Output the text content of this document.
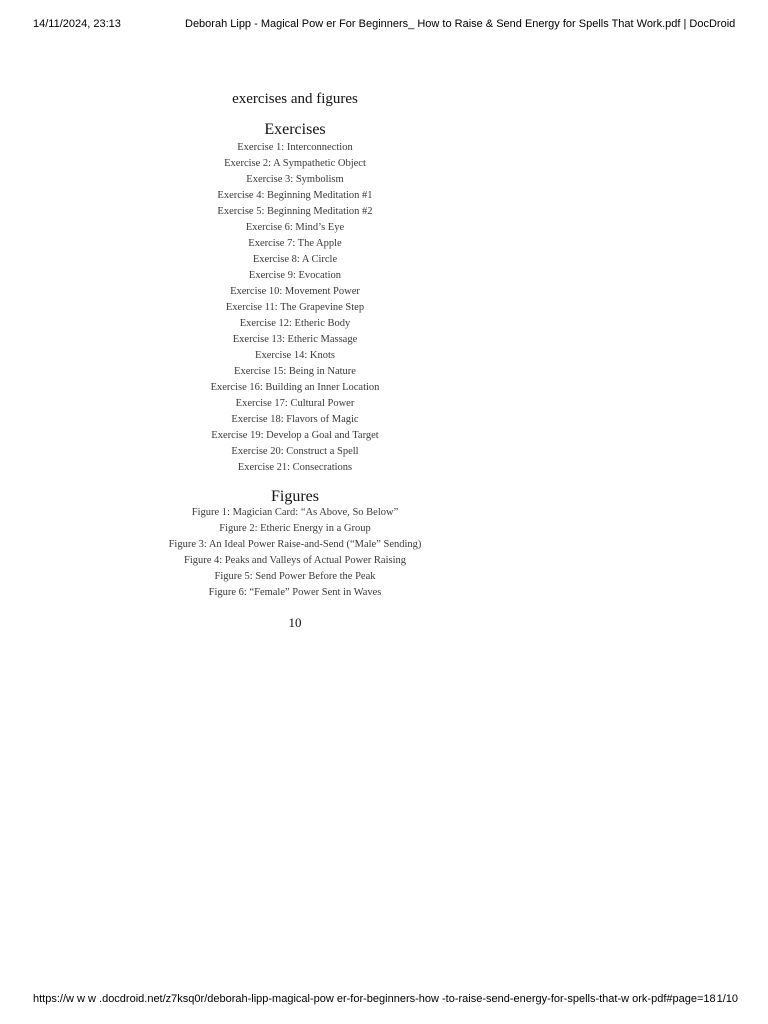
14/11/2024, 23:13	Deborah Lipp - Magical Pow er For Beginners_ How to Raise & Send Energy for Spells That Work.pdf | DocDroid
exercises and figures
Exercises
Exercise 1: Interconnection
Exercise 2: A Sympathetic Object
Exercise 3: Symbolism
Exercise 4: Beginning Meditation #1
Exercise 5: Beginning Meditation #2
Exercise 6: Mind’s Eye
Exercise 7: The Apple
Exercise 8: A Circle
Exercise 9: Evocation
Exercise 10: Movement Power
Exercise 11: The Grapevine Step
Exercise 12: Etheric Body
Exercise 13: Etheric Massage
Exercise 14: Knots
Exercise 15: Being in Nature
Exercise 16: Building an Inner Location
Exercise 17: Cultural Power
Exercise 18: Flavors of Magic
Exercise 19: Develop a Goal and Target
Exercise 20: Construct a Spell
Exercise 21: Consecrations
Figures
Figure 1: Magician Card: “As Above, So Below”
Figure 2: Etheric Energy in a Group
Figure 3: An Ideal Power Raise-and-Send (“Male” Sending)
Figure 4: Peaks and Valleys of Actual Power Raising
Figure 5: Send Power Before the Peak
Figure 6: “Female” Power Sent in Waves
10
https://w w w .docdroid.net/z7ksq0r/deborah-lipp-magical-pow er-for-beginners-how -to-raise-send-energy-for-spells-that-w ork-pdf#page=18 1/10
